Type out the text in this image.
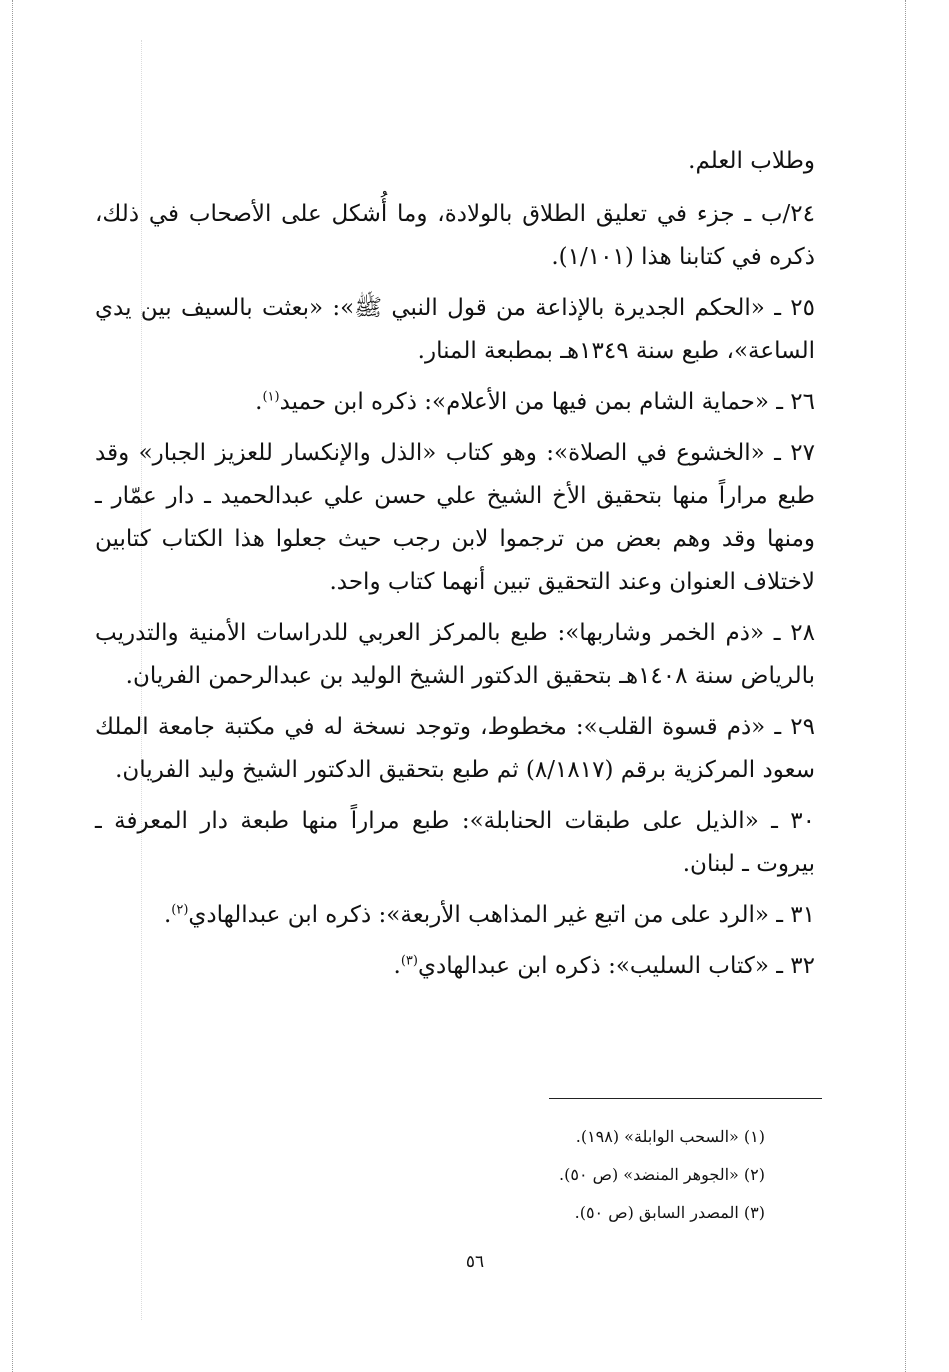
وطلاب العلم.

٢٤/ب ـ جزء في تعليق الطلاق بالولادة، وما أُشكل على الأصحاب في ذلك، ذكره في كتابنا هذا (١/١٠١).

٢٥ ـ «الحكم الجديرة بالإذاعة من قول النبي ﷺ»: «بعثت بالسيف بين يدي الساعة»، طبع سنة ١٣٤٩هـ بمطبعة المنار.

٢٦ ـ «حماية الشام بمن فيها من الأعلام»: ذكره ابن حميد$^{(١)}$.

٢٧ ـ «الخشوع في الصلاة»: وهو كتاب «الذل والإنكسار للعزيز الجبار» وقد طبع مراراً منها بتحقيق الأخ الشيخ علي حسن علي عبدالحميد ـ دار عمّار ـ ومنها وقد وهم بعض من ترجموا لابن رجب حيث جعلوا هذا الكتاب كتابين لاختلاف العنوان وعند التحقيق تبين أنهما كتاب واحد.

٢٨ ـ «ذم الخمر وشاربها»: طبع بالمركز العربي للدراسات الأمنية والتدريب بالرياض سنة ١٤٠٨هـ بتحقيق الدكتور الشيخ الوليد بن عبدالرحمن الفريان.

٢٩ ـ «ذم قسوة القلب»: مخطوط، وتوجد نسخة له في مكتبة جامعة الملك سعود المركزية برقم (٨/١٨١٧) ثم طبع بتحقيق الدكتور الشيخ وليد الفريان.

٣٠ ـ «الذيل على طبقات الحنابلة»: طبع مراراً منها طبعة دار المعرفة ـ بيروت ـ لبنان.

٣١ ـ «الرد على من اتبع غير المذاهب الأربعة»: ذكره ابن عبدالهادي$^{(٢)}$.

٣٢ ـ «كتاب السليب»: ذكره ابن عبدالهادي$^{(٣)}$.

(١) «السحب الوابلة» (١٩٨).

(٢) «الجوهر المنضد» (ص ٥٠).

(٣) المصدر السابق (ص ٥٠).

٥٦
